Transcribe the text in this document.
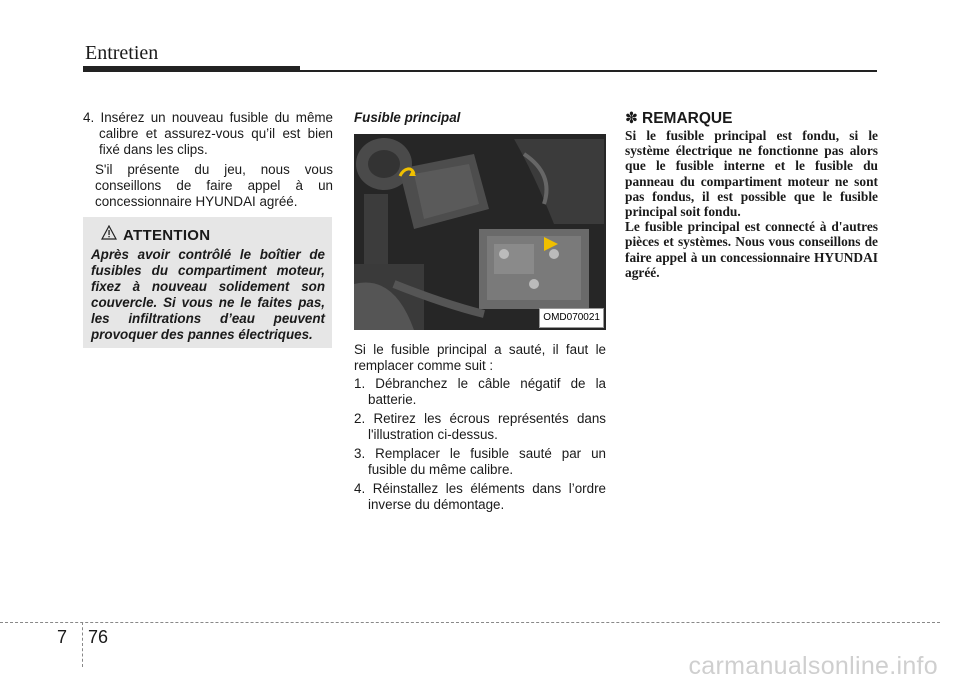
Entretien

4. Insérez un nouveau fusible du même calibre et assurez-vous qu’il est bien fixé dans les clips.

S'il présente du jeu, nous vous conseillons de faire appel à un concessionnaire HYUNDAI agréé.

ATTENTION
Après avoir contrôlé le boîtier de fusibles du compartiment moteur, fixez à nouveau solidement son couvercle. Si vous ne le faites pas, les infiltrations d’eau peuvent provoquer des pannes électriques.

Fusible principal

OMD070021

Si le fusible principal a sauté, il faut le remplacer comme suit :

1. Débranchez le câble négatif de la batterie.

2. Retirez les écrous représentés dans l'illustration ci-dessus.

3. Remplacer le fusible sauté par un fusible du même calibre.

4. Réinstallez les éléments dans l’ordre inverse du démontage.

✽ REMARQUE

Si le fusible principal est fondu, si le système électrique ne fonctionne pas alors que le fusible interne et le fusible du panneau du compartiment moteur ne sont pas fondus, il est possible que le fusible principal soit fondu.

Le fusible principal est connecté à d'autres pièces et systèmes. Nous vous conseillons de faire appel à un concessionnaire HYUNDAI agréé.

7 76
carmanualsonline.info
